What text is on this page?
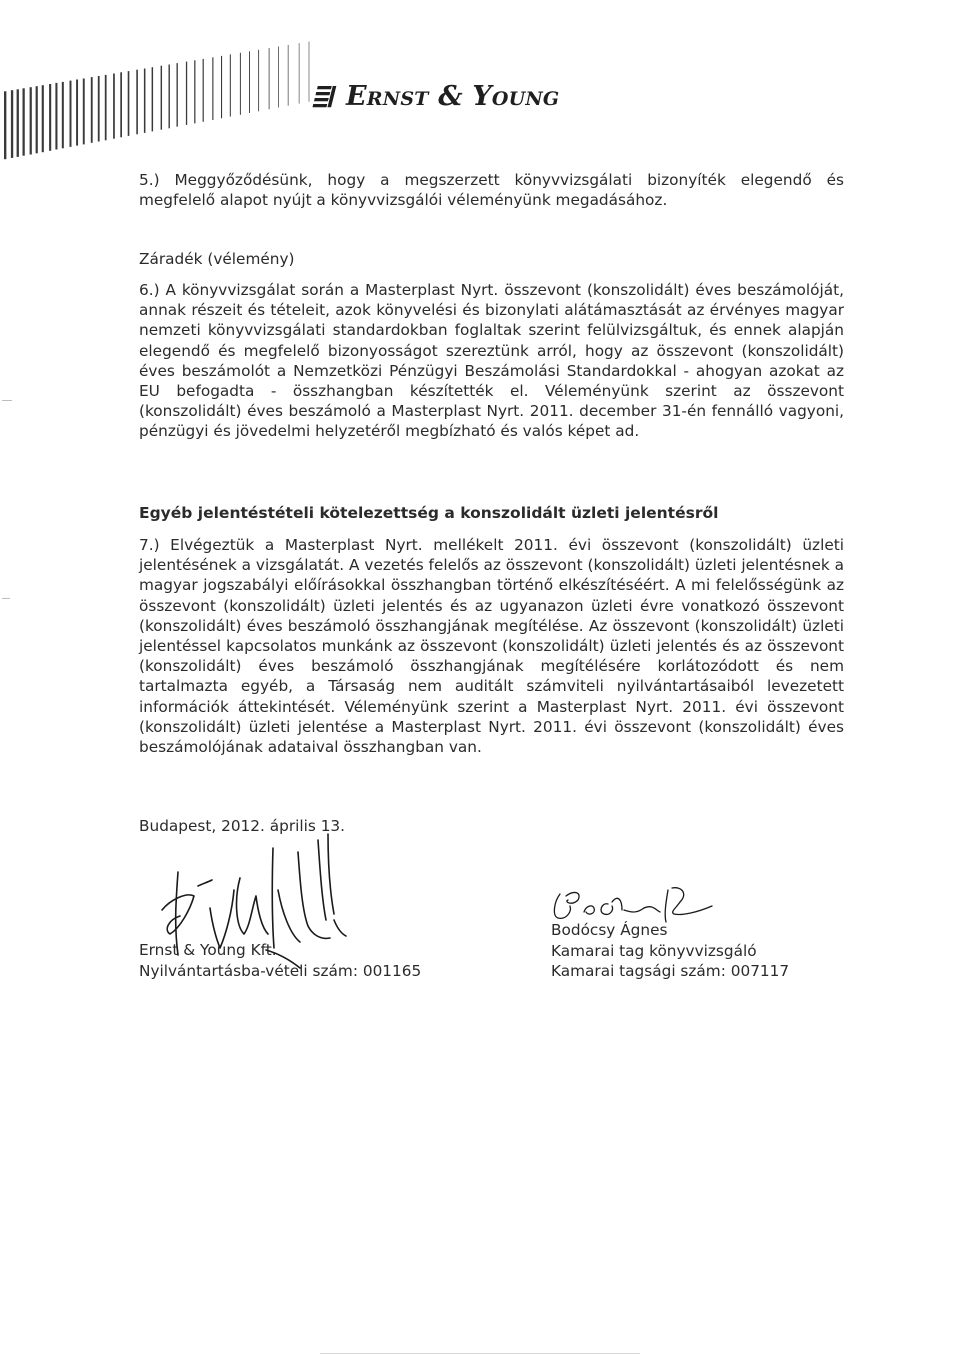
Ernst & Young

5.) Meggyőződésünk, hogy a megszerzett könyvvizsgálati bizonyíték elegendő és megfelelő alapot nyújt a könyvvizsgálói véleményünk megadásához.

Záradék (vélemény)

6.) A könyvvizsgálat során a Masterplast Nyrt. összevont (konszolidált) éves beszámolóját, annak részeit és tételeit, azok könyvelési és bizonylati alátámasztását az érvényes magyar nemzeti könyvvizsgálati standardokban foglaltak szerint felülvizsgáltuk, és ennek alapján elegendő és megfelelő bizonyosságot szereztünk arról, hogy az összevont (konszolidált) éves beszámolót a Nemzetközi Pénzügyi Beszámolási Standardokkal - ahogyan azokat az EU befogadta - összhangban készítették el. Véleményünk szerint az összevont (konszolidált) éves beszámoló a Masterplast Nyrt. 2011. december 31-én fennálló vagyoni, pénzügyi és jövedelmi helyzetéről megbízható és valós képet ad.

Egyéb jelentéstételi kötelezettség a konszolidált üzleti jelentésről

7.) Elvégeztük a Masterplast Nyrt. mellékelt 2011. évi összevont (konszolidált) üzleti jelentésének a vizsgálatát. A vezetés felelős az összevont (konszolidált) üzleti jelentésnek a magyar jogszabályi előírásokkal összhangban történő elkészítéséért. A mi felelősségünk az összevont (konszolidált) üzleti jelentés és az ugyanazon üzleti évre vonatkozó összevont (konszolidált) éves beszámoló összhangjának megítélése. Az összevont (konszolidált) üzleti jelentéssel kapcsolatos munkánk az összevont (konszolidált) üzleti jelentés és az összevont (konszolidált) éves beszámoló összhangjának megítélésére korlátozódott és nem tartalmazta egyéb, a Társaság nem auditált számviteli nyilvántartásaiból levezetett információk áttekintését. Véleményünk szerint a Masterplast Nyrt. 2011. évi összevont (konszolidált) üzleti jelentése a Masterplast Nyrt. 2011. évi összevont (konszolidált) éves beszámolójának adataival összhangban van.

Budapest, 2012. április 13.
Ernst & Young Kft.
Nyilvántartásba-vételi szám: 001165
Bodócsy Ágnes
Kamarai tag könyvvizsgáló
Kamarai tagsági szám: 007117
